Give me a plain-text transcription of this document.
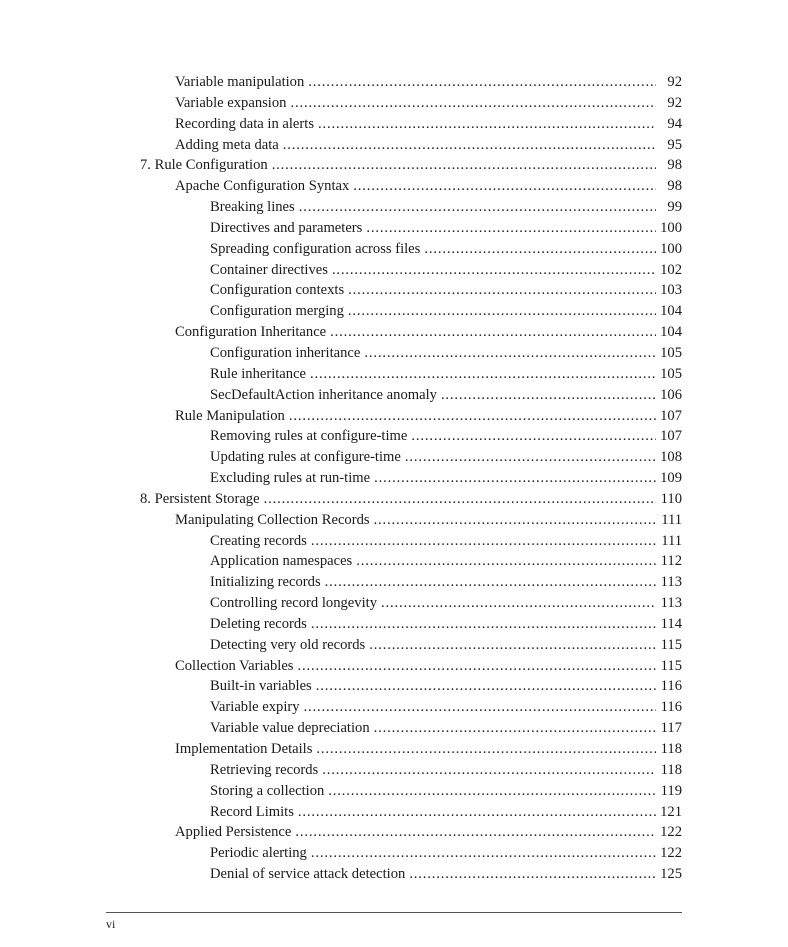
Variable manipulation . . .	92
Variable expansion . . .	92
Recording data in alerts . . .	94
Adding meta data . . .	95
7. Rule Configuration . . .	98
Apache Configuration Syntax . . .	98
Breaking lines . . .	99
Directives and parameters . . .	100
Spreading configuration across files . . .	100
Container directives . . .	102
Configuration contexts . . .	103
Configuration merging . . .	104
Configuration Inheritance . . .	104
Configuration inheritance . . .	105
Rule inheritance . . .	105
SecDefaultAction inheritance anomaly . . .	106
Rule Manipulation . . .	107
Removing rules at configure-time . . .	107
Updating rules at configure-time . . .	108
Excluding rules at run-time . . .	109
8. Persistent Storage . . .	110
Manipulating Collection Records . . .	111
Creating records . . .	111
Application namespaces . . .	112
Initializing records . . .	113
Controlling record longevity . . .	113
Deleting records . . .	114
Detecting very old records . . .	115
Collection Variables . . .	115
Built-in variables . . .	116
Variable expiry . . .	116
Variable value depreciation . . .	117
Implementation Details . . .	118
Retrieving records . . .	118
Storing a collection . . .	119
Record Limits . . .	121
Applied Persistence . . .	122
Periodic alerting . . .	122
Denial of service attack detection . . .	125
vi
